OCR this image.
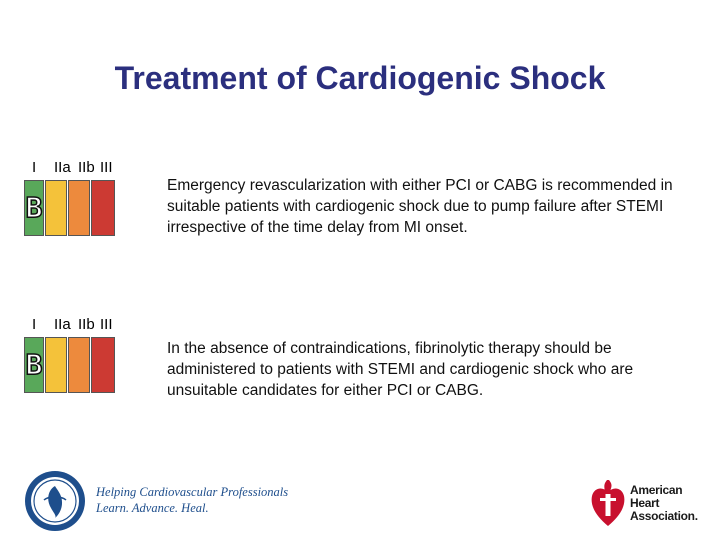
Treatment of Cardiogenic Shock
I	IIa IIb III
B
Emergency revascularization with either PCI or CABG is recommended in suitable patients with cardiogenic shock due to pump failure after STEMI irrespective of the time delay from MI onset.
I	IIa IIb III
B	In the absence of contraindications, fibrinolytic therapy should be administered to patients with STEMI and cardiogenic shock who are unsuitable candidates for either PCI or CABG.
Helping Cardiovascular Professionals
Learn. Advance. Heal.
American
Heart
Association.
